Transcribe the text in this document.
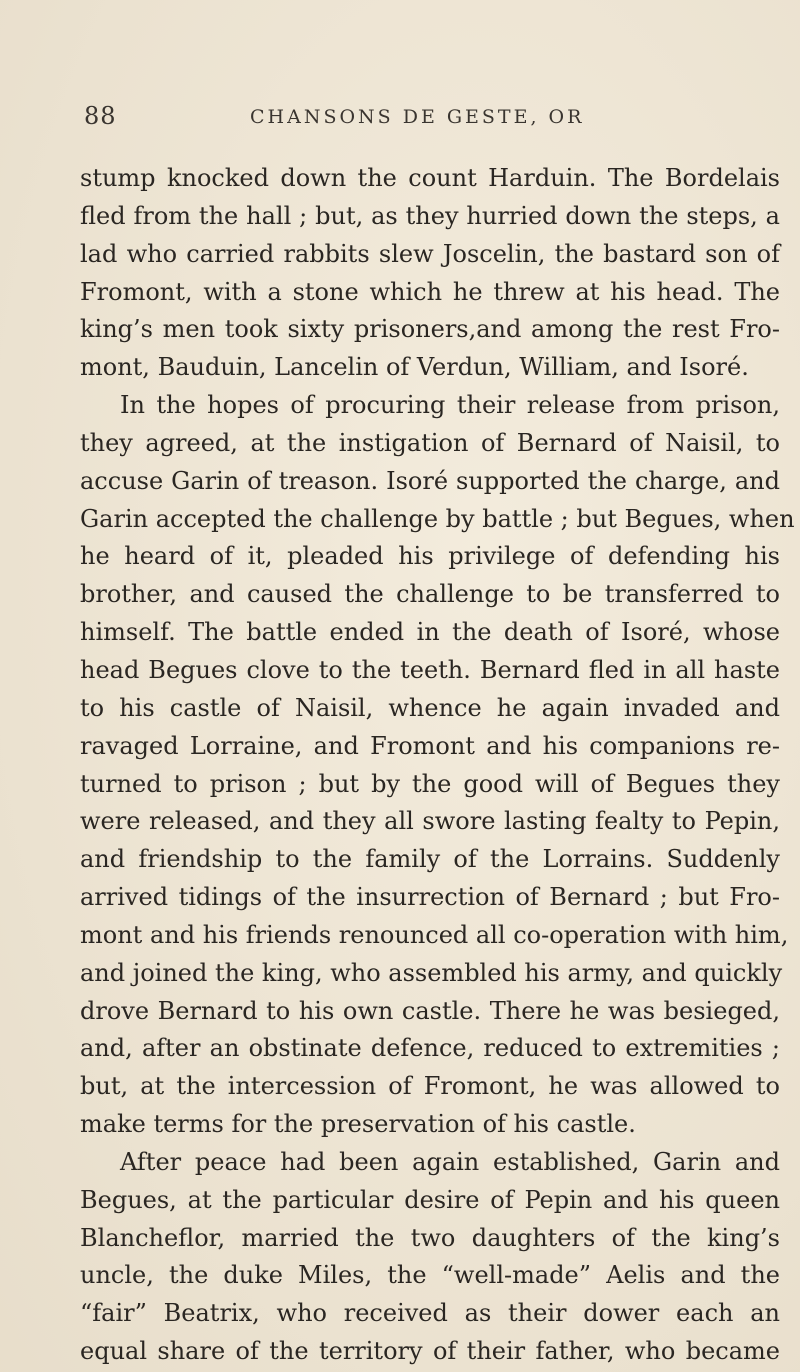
88	CHANSONS DE GESTE, OR
stump knocked down the count Harduin. The Bordelais
fled from the hall ; but, as they hurried down the steps, a
lad who carried rabbits slew Joscelin, the bastard son of
Fromont, with a stone which he threw at his head. The
king’s men took sixty prisoners,and among the rest Fro-
mont, Bauduin, Lancelin of Verdun, William, and Isoré.
In the hopes of procuring their release from prison,
they agreed, at the instigation of Bernard of Naisil, to
accuse Garin of treason. Isoré supported the charge, and
Garin accepted the challenge by battle ; but Begues, when
he heard of it, pleaded his privilege of defending his
brother, and caused the challenge to be transferred to
himself. The battle ended in the death of Isoré, whose
head Begues clove to the teeth. Bernard fled in all haste
to his castle of Naisil, whence he again invaded and
ravaged Lorraine, and Fromont and his companions re-
turned to prison ; but by the good will of Begues they
were released, and they all swore lasting fealty to Pepin,
and friendship to the family of the Lorrains. Suddenly
arrived tidings of the insurrection of Bernard ; but Fro-
mont and his friends renounced all co-operation with him,
and joined the king, who assembled his army, and quickly
drove Bernard to his own castle. There he was besieged,
and, after an obstinate defence, reduced to extremities ;
but, at the intercession of Fromont, he was allowed to
make terms for the preservation of his castle.
After peace had been again established, Garin and
Begues, at the particular desire of Pepin and his queen
Blancheflor, married the two daughters of the king’s
uncle, the duke Miles, the “well-made” Aelis and the
“fair” Beatrix, who received as their dower each an
equal share of the territory of their father, who became
